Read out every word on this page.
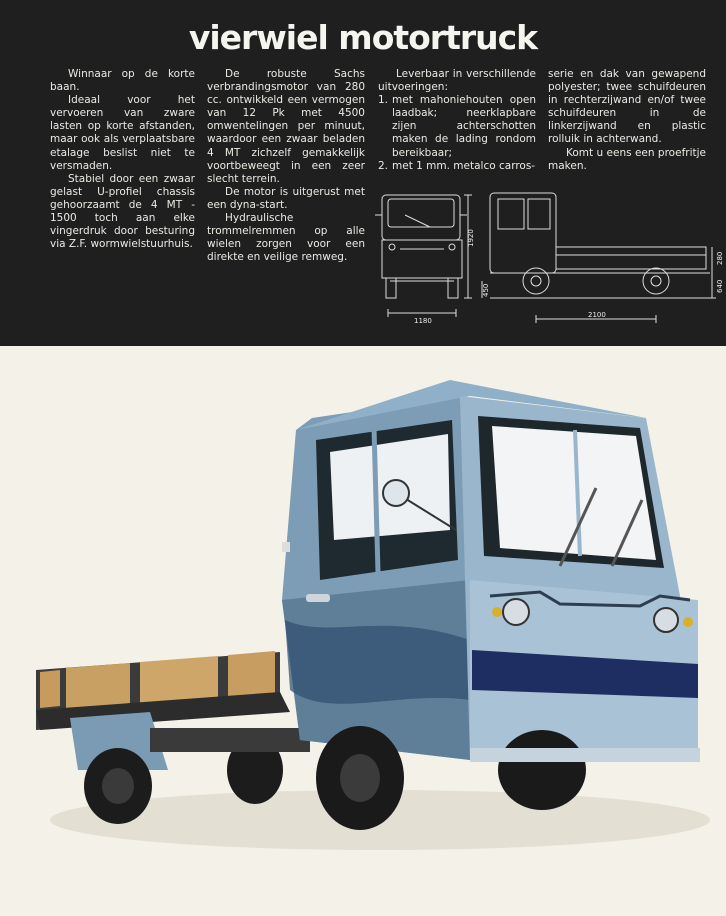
vierwiel motortruck

Winnaar op de korte baan.

Ideaal voor het vervoeren van zware lasten op korte afstanden, maar ook als verplaatsbare etalage beslist niet te versmaden.

Stabiel door een zwaar gelast U-profiel chassis gehoorzaamt de 4 MT - 1500 toch aan elke vingerdruk door besturing via Z.F. wormwielstuurhuis.

De robuste Sachs verbrandingsmotor van 280 cc. ontwikkeld een vermogen van 12 Pk met 4500 omwentelingen per minuut, waardoor een zwaar beladen 4 MT zichzelf gemakkelijk voortbeweegt in een zeer slecht terrein.

De motor is uitgerust met een dyna-start.

Hydraulische trommelremmen op alle wielen zorgen voor een direkte en veilige remweg.

Leverbaar in verschillende uitvoeringen:

1. met mahoniehouten open laadbak; neerklapbare zijen achterschotten maken de lading rondom bereikbaar;
2. met 1 mm. metalco carros-

serie en dak van gewapend polyester; twee schuifdeuren in rechterzijwand en/of twee schuifdeuren in de linkerzijwand en plastic rolluik in achterwand.

Komt u eens een proefritje maken.

1920
1180
450
2100
280
640
